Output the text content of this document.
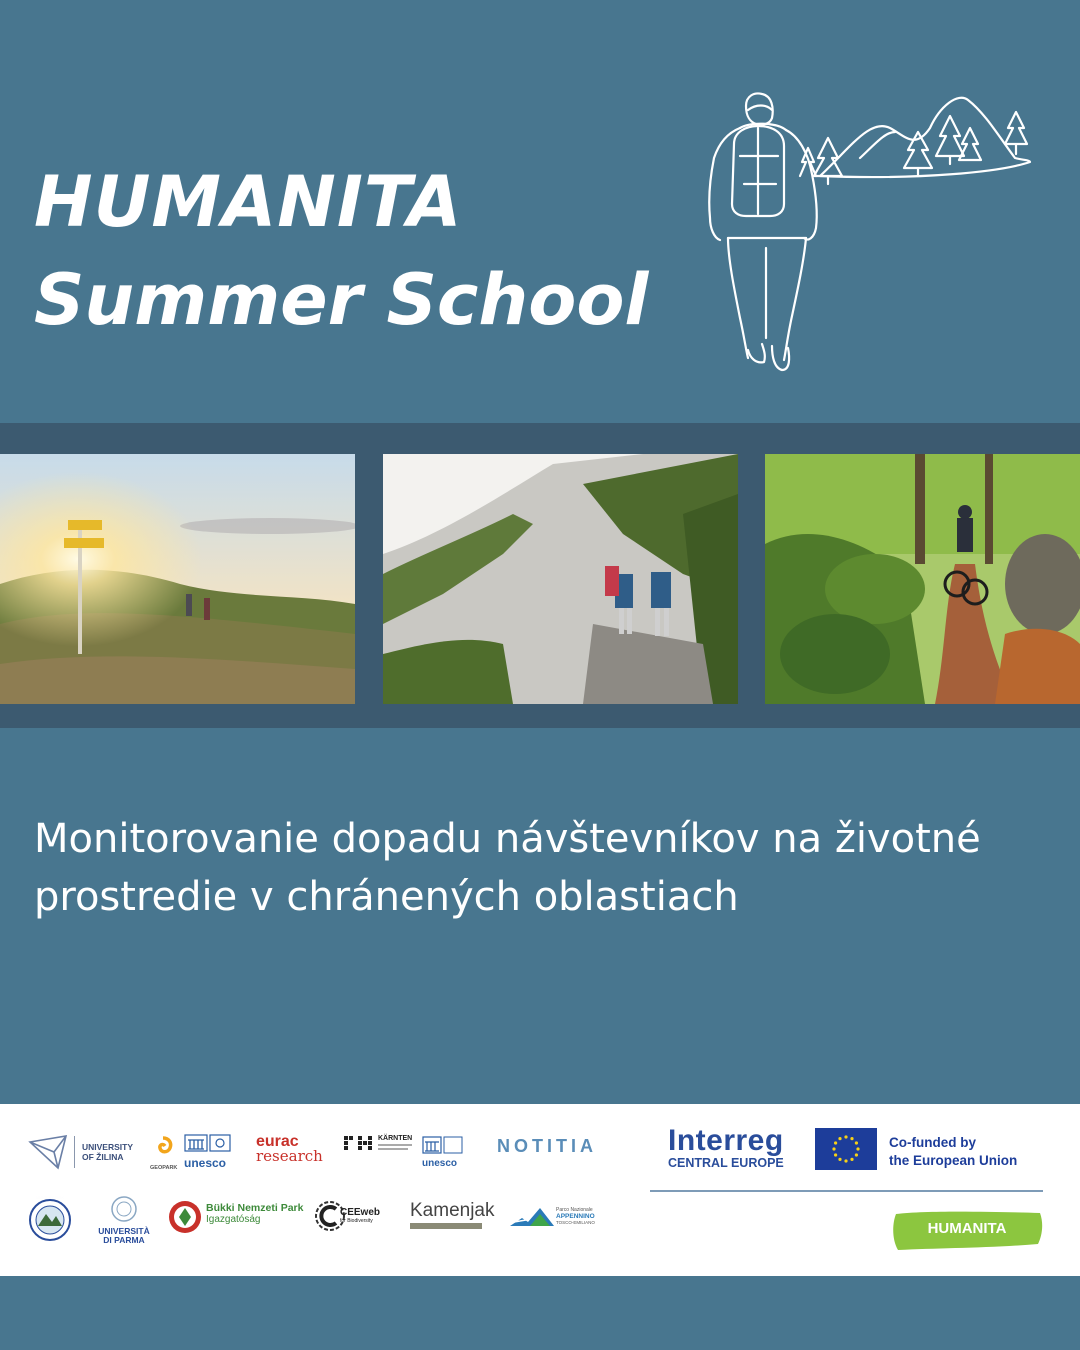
HUMANITA
Summer School
Monitorovanie dopadu návštevníkov na životné
prostredie v chránených oblastiach
UNIVERSITY
OF ŽILINA
GEOPARK unesco
eurac
research
KÄRNTEN
unesco
NOTITIA Interreg
CENTRAL EUROPE
Co-funded by
the European Union
UNIVERSITÀ
DI PARMA
Bükki Nemzeti Park
Igazgatóság
CEEweb
for Biodiversity	Kamenjak	Parco Nazionale
APPENNINO
TOSCO-EMILIANO	HUMANITA
